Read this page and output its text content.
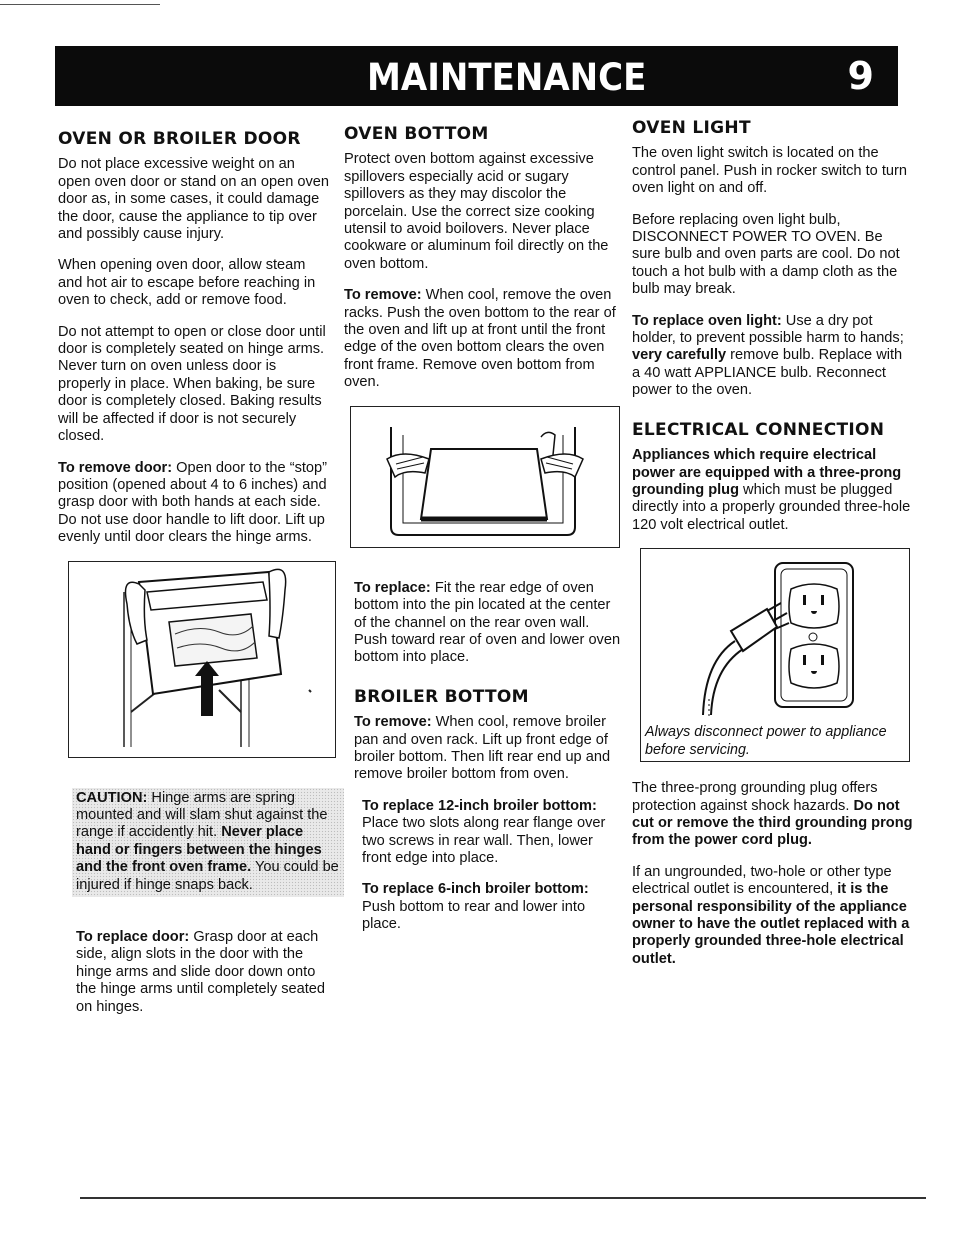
MAINTENANCE	9
OVEN OR BROILER DOOR

Do not place excessive weight on an open oven door or stand on an open oven door as, in some cases, it could damage the door, cause the appliance to tip over and possibly cause injury.

When opening oven door, allow steam and hot air to escape before reaching in oven to check, add or remove food.

Do not attempt to open or close door until door is completely seated on hinge arms. Never turn on oven unless door is properly in place. When baking, be sure door is completely closed. Baking results will be affected if door is not securely closed.

To remove door: Open door to the “stop” position (opened about 4 to 6 inches) and grasp door with both hands at each side. Do not use door handle to lift door. Lift up evenly until door clears the hinge arms.

CAUTION: Hinge arms are spring mounted and will slam shut against the range if accidently hit. Never place hand or fingers between the hinges and the front oven frame. You could be injured if hinge snaps back.

To replace door: Grasp door at each side, align slots in the door with the hinge arms and slide door down onto the hinge arms until completely seated on hinges.

OVEN BOTTOM

Protect oven bottom against excessive spillovers especially acid or sugary spillovers as they may discolor the porcelain. Use the correct size cooking utensil to avoid boilovers. Never place cookware or aluminum foil directly on the oven bottom.

To remove: When cool, remove the oven racks. Push the oven bottom to the rear of the oven and lift up at front until the front edge of the oven bottom clears the oven front frame. Remove oven bottom from oven.

To replace: Fit the rear edge of oven bottom into the pin located at the center of the channel on the rear oven wall. Push toward rear of oven and lower oven bottom into place.

BROILER BOTTOM

To remove: When cool, remove broiler pan and oven rack. Lift up front edge of broiler bottom. Then lift rear end up and remove broiler bottom from oven.

To replace 12-inch broiler bottom: Place two slots along rear flange over two screws in rear wall. Then, lower front edge into place.

To replace 6-inch broiler bottom: Push bottom to rear and lower into place.

OVEN LIGHT

The oven light switch is located on the control panel. Push in rocker switch to turn oven light on and off.

Before replacing oven light bulb, DISCONNECT POWER TO OVEN. Be sure bulb and oven parts are cool. Do not touch a hot bulb with a damp cloth as the bulb may break.

To replace oven light: Use a dry pot holder, to prevent possible harm to hands; very carefully remove bulb. Replace with a 40 watt APPLIANCE bulb. Reconnect power to the oven.

ELECTRICAL CONNECTION

Appliances which require electrical power are equipped with a three-prong grounding plug which must be plugged directly into a properly grounded three-hole 120 volt electrical outlet.

Always disconnect power to appliance before servicing.

The three-prong grounding plug offers protection against shock hazards. Do not cut or remove the third grounding prong from the power cord plug.

If an ungrounded, two-hole or other type electrical outlet is encountered, it is the personal responsibility of the appliance owner to have the outlet replaced with a properly grounded three-hole electrical outlet.
